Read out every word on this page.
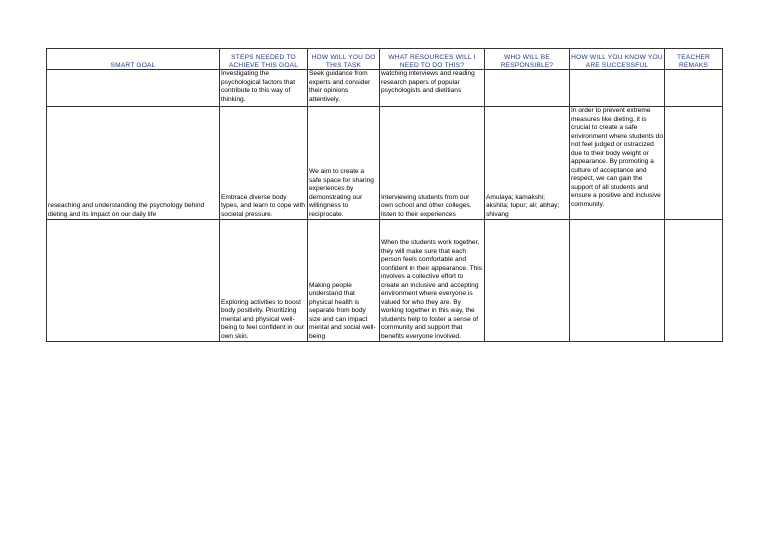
SMART GOAL	STEPS NEEDED TO ACHIEVE THIS GOAL	HOW WILL YOU DO THIS TASK	WHAT RESOURCES WILL I NEED TO DO THIS?	WHO WILL BE RESPONSIBLE?	HOW WILL YOU KNOW YOU ARE SUCCESSFUL	TEACHER REMAKS
	Investigating the psychological factors that contribute to this way of thinking.	Seek guidance from experts and consider their opinions attentively.	watching interviews and reading research papers of popular psychologists and dietitians			
reseaching and understanding the psychology behind dieting and its impact on our daily life	Embrace diverse body types, and learn to cope with societal pressure.	We aim to create a safe space for sharing experiences by demonstrating our willingness to reciprocate.	Interviewing students from our own school and other colleges. listen to their experiences	Amulaya; kamakshi; akshita; tupur; ali; abhay; shivang	In order to prevent extreme measures like dieting, it is crucial to create a safe environment where students do not feel judged or ostracized due to their body weight or appearance. By promoting a culture of acceptance and respect, we can gain the support of all students and ensure a positive and inclusive community.	
	Exploring activities to boost body positivity. Prioritizing mental and physical well-being to feel confident in our own skin.	Making people understand that physical health is separate from body size and can impact mental and social well-being	When the students work together, they will make sure that each person feels comfortable and confident in their appearance. This involves a collective effort to create an inclusive and accepting environment where everyone is valued for who they are. By working together in this way, the students help to foster a sense of community and support that benefits everyone involved.			
